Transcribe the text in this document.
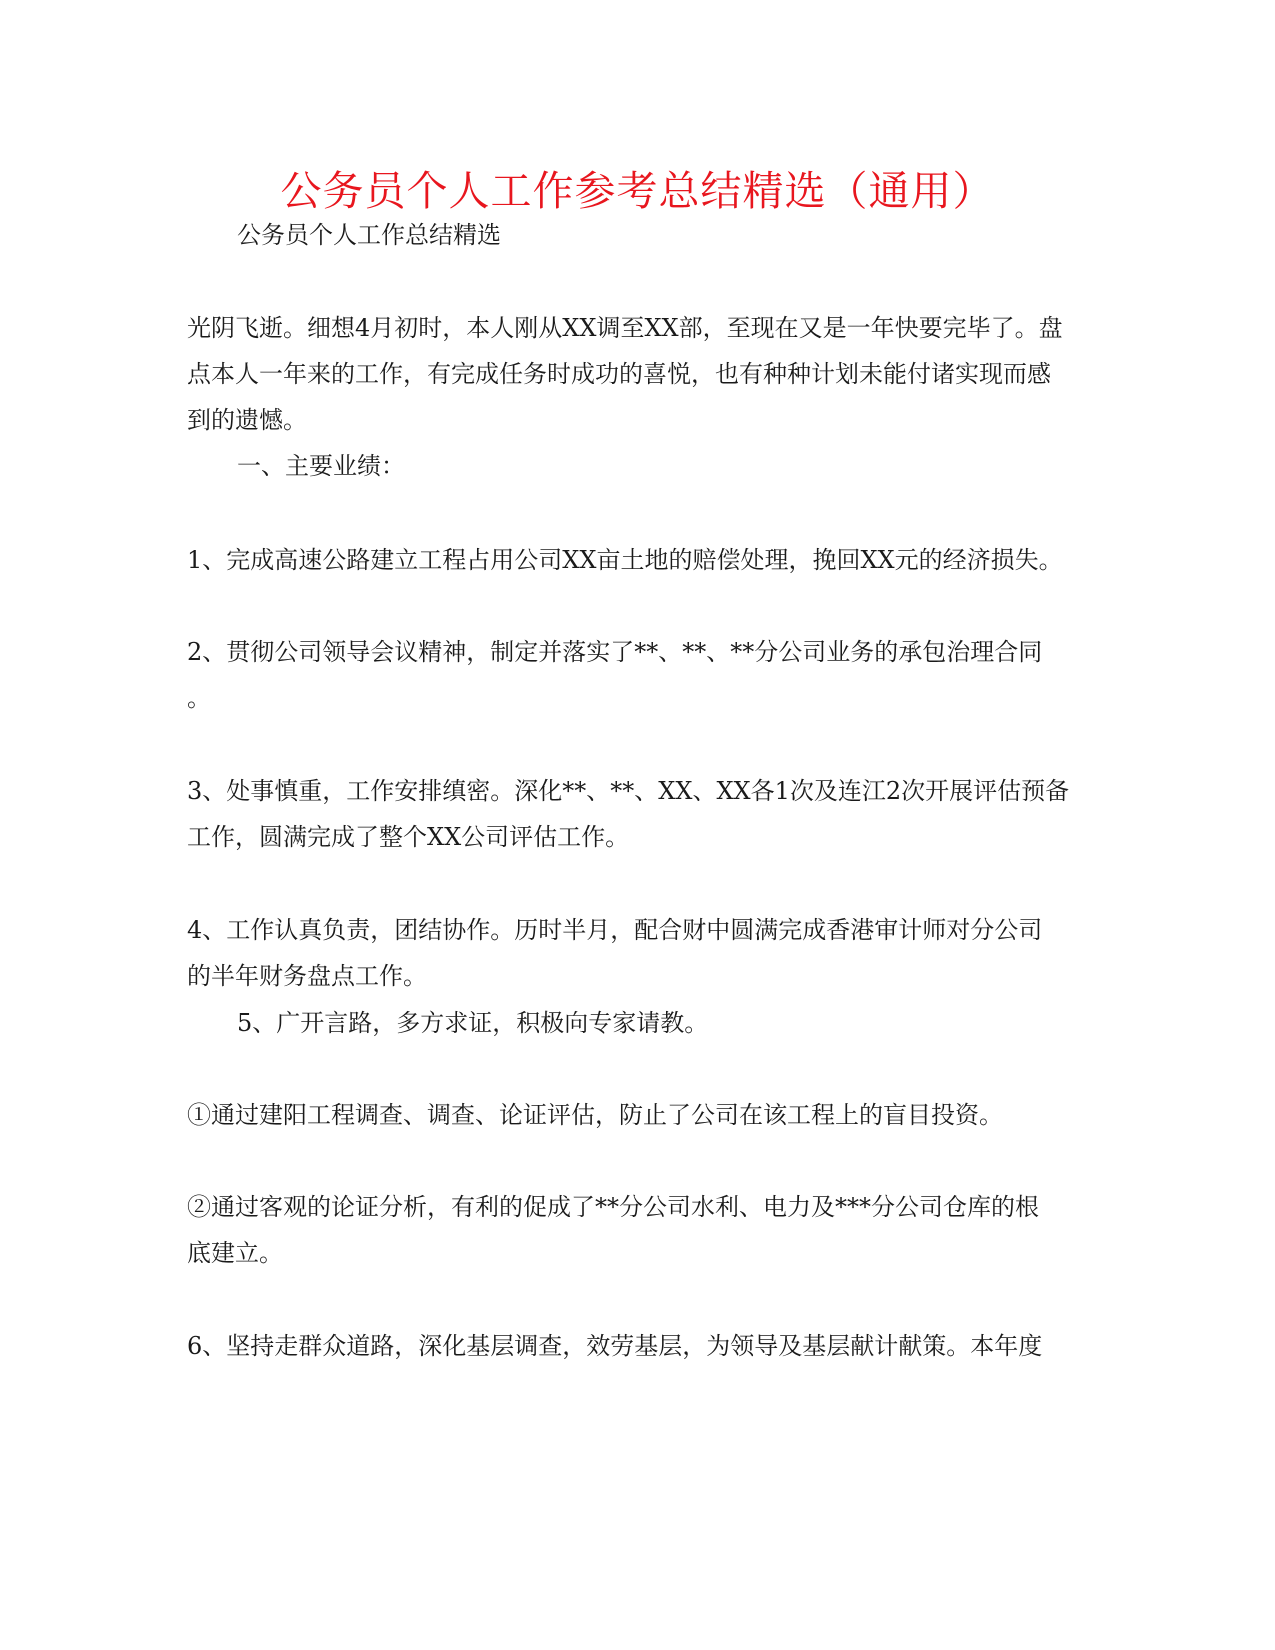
公务员个人工作参考总结精选（通用）

公务员个人工作总结精选

光阴飞逝。细想4月初时，本人刚从XX调至XX部，至现在又是一年快要完毕了。盘

点本人一年来的工作，有完成任务时成功的喜悦，也有种种计划未能付诸实现而感

到的遗憾。

一、主要业绩：

1、完成高速公路建立工程占用公司XX亩土地的赔偿处理，挽回XX元的经济损失。

2、贯彻公司领导会议精神，制定并落实了**、**、**分公司业务的承包治理合同

。

3、处事慎重，工作安排缜密。深化**、**、XX、XX各1次及连江2次开展评估预备

工作，圆满完成了整个XX公司评估工作。

4、工作认真负责，团结协作。历时半月，配合财中圆满完成香港审计师对分公司

的半年财务盘点工作。

5、广开言路，多方求证，积极向专家请教。

①通过建阳工程调查、调查、论证评估，防止了公司在该工程上的盲目投资。

②通过客观的论证分析，有利的促成了**分公司水利、电力及***分公司仓库的根

底建立。

6、坚持走群众道路，深化基层调查，效劳基层，为领导及基层献计献策。本年度
